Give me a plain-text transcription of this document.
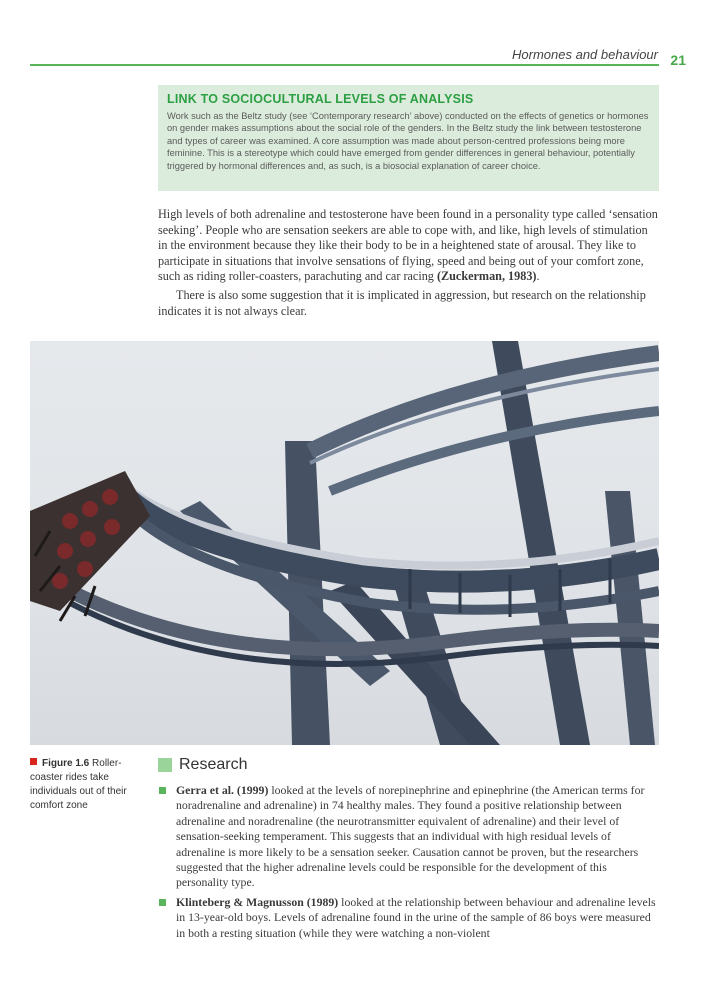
Hormones and behaviour 21
LINK TO SOCIOCULTURAL LEVELS OF ANALYSIS

Work such as the Beltz study (see ‘Contemporary research’ above) conducted on the effects of genetics or hormones on gender makes assumptions about the social role of the genders. In the Beltz study the link between testosterone and types of career was examined. A core assumption was made about person-centred professions being more feminine. This is a stereotype which could have emerged from gender differences in general behaviour, potentially triggered by hormonal differences and, as such, is a biosocial explanation of career choice.

High levels of both adrenaline and testosterone have been found in a personality type called ‘sensation seeking’. People who are sensation seekers are able to cope with, and like, high levels of stimulation in the environment because they like their body to be in a heightened state of arousal. They like to participate in situations that involve sensations of flying, speed and being out of your comfort zone, such as riding roller-coasters, parachuting and car racing (Zuckerman, 1983).

There is also some suggestion that it is implicated in aggression, but research on the relationship indicates it is not always clear.

Figure 1.6 Roller-coaster rides take individuals out of their comfort zone
Research
Gerra et al. (1999) looked at the levels of norepinephrine and epinephrine (the American terms for noradrenaline and adrenaline) in 74 healthy males. They found a positive relationship between adrenaline and noradrenaline (the neurotransmitter equivalent of adrenaline) and their level of sensation-seeking temperament. This suggests that an individual with high residual levels of adrenaline is more likely to be a sensation seeker. Causation cannot be proven, but the researchers suggested that the higher adrenaline levels could be responsible for the development of this personality type.
Klinteberg & Magnusson (1989) looked at the relationship between behaviour and adrenaline levels in 13-year-old boys. Levels of adrenaline found in the urine of the sample of 86 boys were measured in both a resting situation (while they were watching a non-violent
